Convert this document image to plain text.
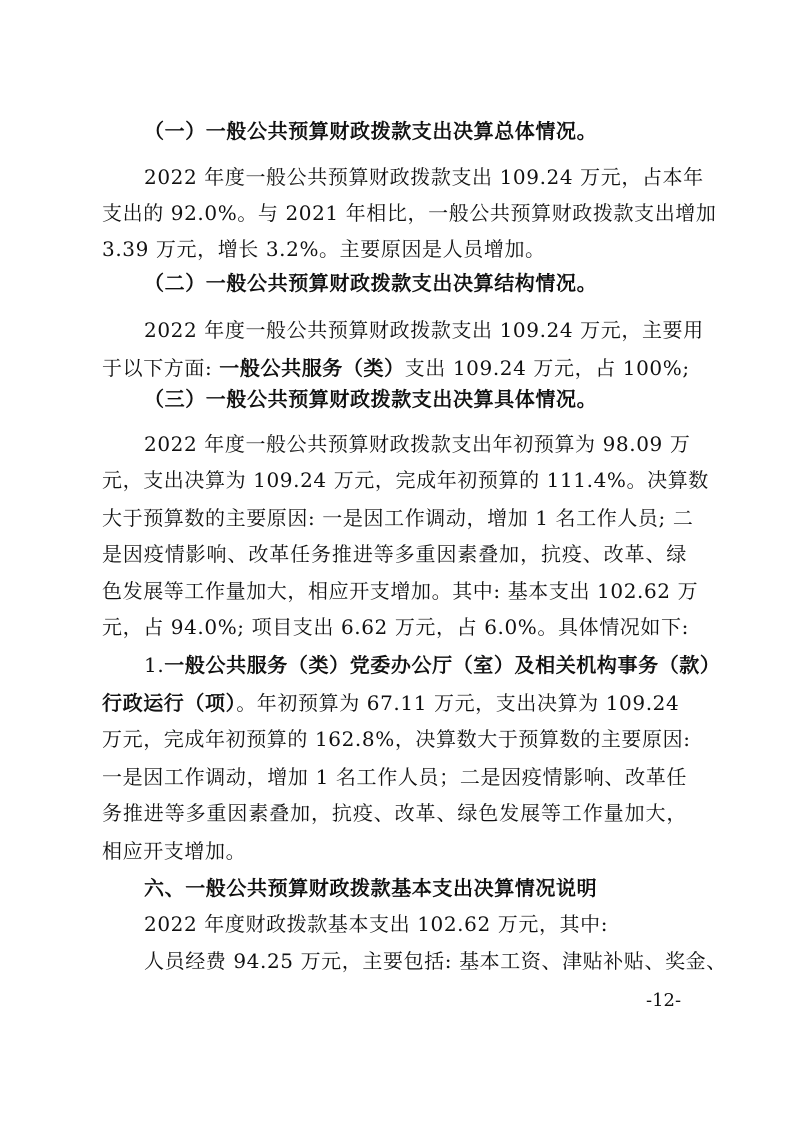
（一）一般公共预算财政拨款支出决算总体情况。
2022 年度一般公共预算财政拨款支出 109.24 万元，占本年
支出的 92.0%。与 2021 年相比，一般公共预算财政拨款支出增加
3.39 万元，增长 3.2%。主要原因是人员增加。
（二）一般公共预算财政拨款支出决算结构情况。
2022 年度一般公共预算财政拨款支出 109.24 万元，主要用
于以下方面: 一般公共服务（类）支出 109.24 万元，占 100%;
（三）一般公共预算财政拨款支出决算具体情况。
2022 年度一般公共预算财政拨款支出年初预算为 98.09 万
元，支出决算为 109.24 万元，完成年初预算的 111.4%。决算数
大于预算数的主要原因: 一是因工作调动，增加 1 名工作人员; 二
是因疫情影响、改革任务推进等多重因素叠加，抗疫、改革、绿
色发展等工作量加大，相应开支增加。其中: 基本支出 102.62 万
元，占 94.0%; 项目支出 6.62 万元，占 6.0%。具体情况如下:
1.一般公共服务（类）党委办公厅（室）及相关机构事务（款）
行政运行（项）。年初预算为 67.11 万元，支出决算为 109.24
万元，完成年初预算的 162.8%，决算数大于预算数的主要原因:
一是因工作调动，增加 1 名工作人员；二是因疫情影响、改革任
务推进等多重因素叠加，抗疫、改革、绿色发展等工作量加大，
相应开支增加。
六、一般公共预算财政拨款基本支出决算情况说明
2022 年度财政拨款基本支出 102.62 万元，其中:
人员经费 94.25 万元，主要包括: 基本工资、津贴补贴、奖金、
-12-
